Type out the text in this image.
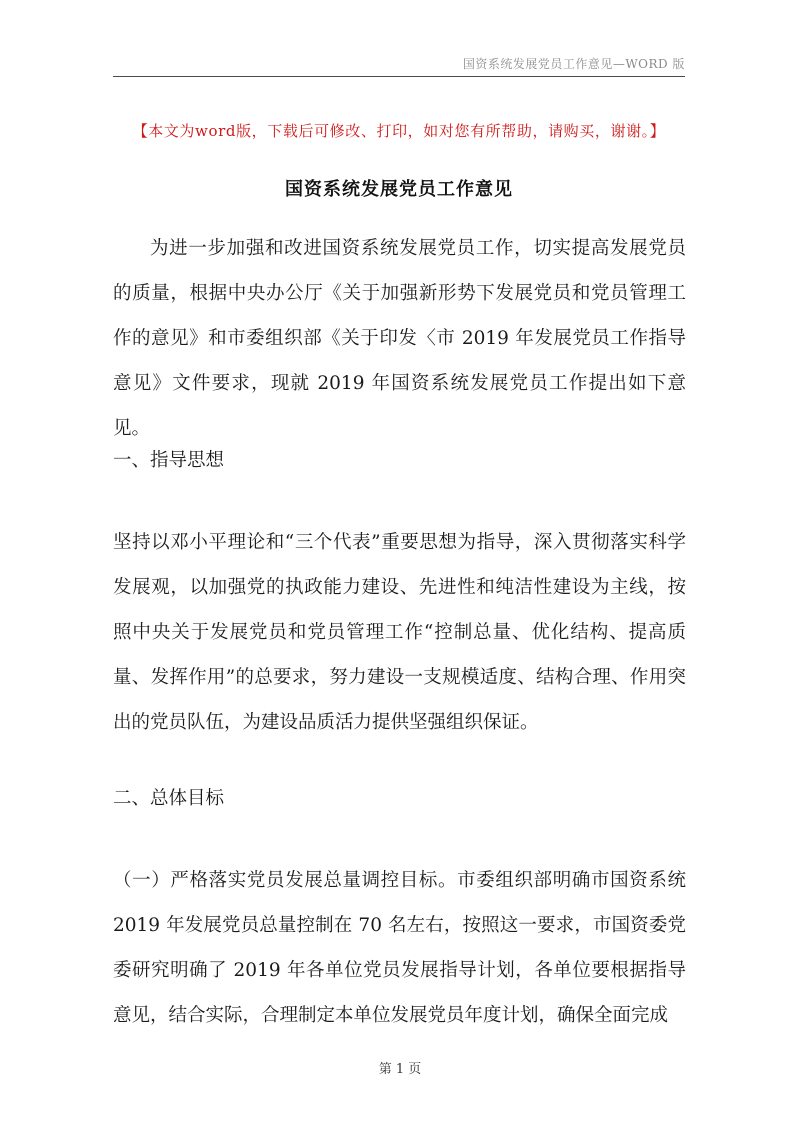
国资系统发展党员工作意见—WORD 版
【本文为word版，下载后可修改、打印，如对您有所帮助，请购买，谢谢。】
国资系统发展党员工作意见

为进一步加强和改进国资系统发展党员工作，切实提高发展党员的质量，根据中央办公厅《关于加强新形势下发展党员和党员管理工作的意见》和市委组织部《关于印发〈市 2019 年发展党员工作指导意见》文件要求，现就 2019 年国资系统发展党员工作提出如下意见。

一、指导思想

坚持以邓小平理论和“三个代表”重要思想为指导，深入贯彻落实科学发展观，以加强党的执政能力建设、先进性和纯洁性建设为主线，按照中央关于发展党员和党员管理工作“控制总量、优化结构、提高质量、发挥作用”的总要求，努力建设一支规模适度、结构合理、作用突出的党员队伍，为建设品质活力提供坚强组织保证。

二、总体目标

（一）严格落实党员发展总量调控目标。市委组织部明确市国资系统 2019 年发展党员总量控制在 70 名左右，按照这一要求，市国资委党委研究明确了 2019 年各单位党员发展指导计划，各单位要根据指导意见，结合实际，合理制定本单位发展党员年度计划，确保全面完成

第 1 页
